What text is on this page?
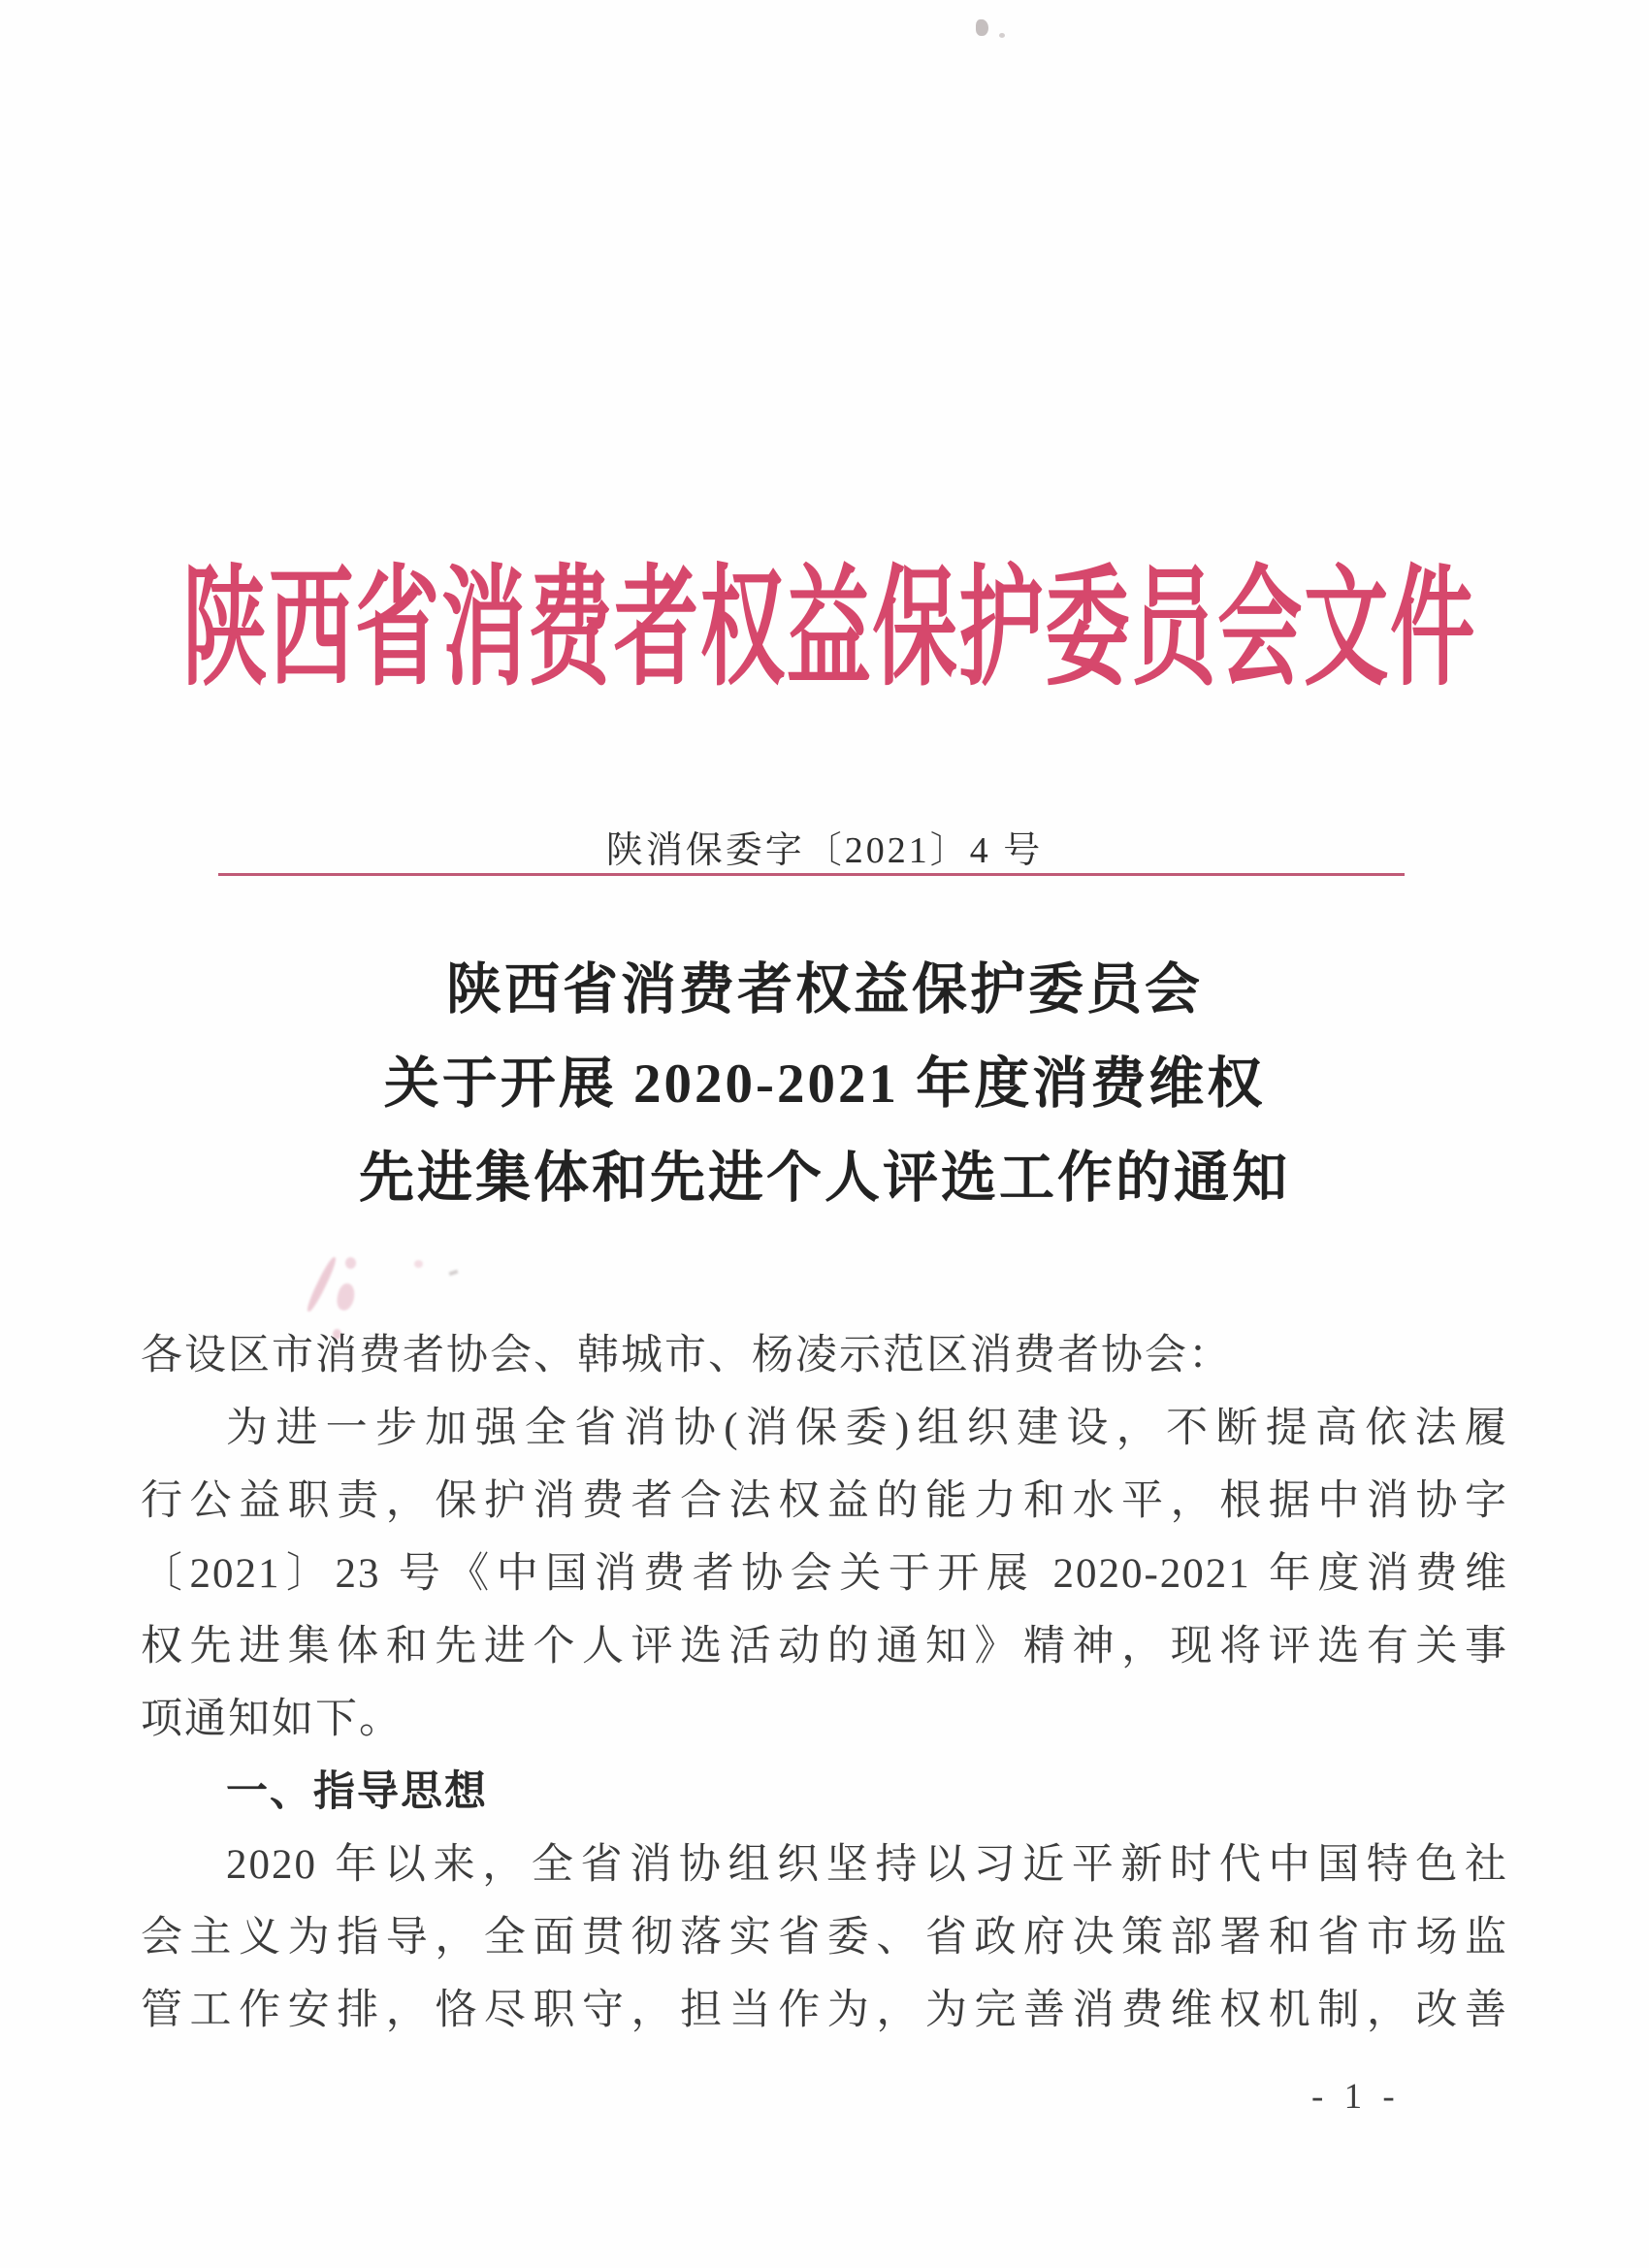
陕西省消费者权益保护委员会文件
陕消保委字〔2021〕4 号
陕西省消费者权益保护委员会
关于开展 2020-2021 年度消费维权
先进集体和先进个人评选工作的通知
各设区市消费者协会、韩城市、杨凌示范区消费者协会：
为进一步加强全省消协(消保委)组织建设，不断提高依法履
行公益职责，保护消费者合法权益的能力和水平，根据中消协字
〔2021〕23 号《中国消费者协会关于开展 2020-2021 年度消费维
权先进集体和先进个人评选活动的通知》精神，现将评选有关事
项通知如下。
一、指导思想
2020 年以来，全省消协组织坚持以习近平新时代中国特色社
会主义为指导，全面贯彻落实省委、省政府决策部署和省市场监
管工作安排，恪尽职守，担当作为，为完善消费维权机制，改善
- 1 -
